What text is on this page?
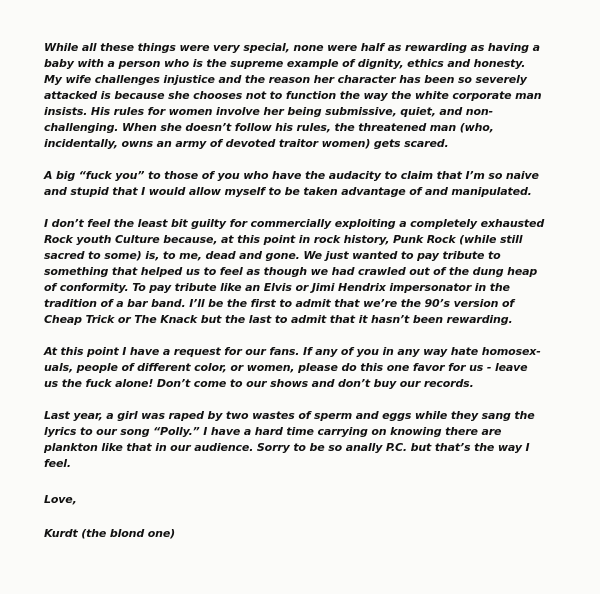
While all these things were very special, none were half as rewarding as having a
baby with a person who is the supreme example of dignity, ethics and honesty.
My wife challenges injustice and the reason her character has been so severely
attacked is because she chooses not to function the way the white corporate man
insists. His rules for women involve her being submissive, quiet, and non-
challenging. When she doesn’t follow his rules, the threatened man (who,
incidentally, owns an army of devoted traitor women) gets scared.
A big “fuck you” to those of you who have the audacity to claim that I’m so naive
and stupid that I would allow myself to be taken advantage of and manipulated.
I don’t feel the least bit guilty for commercially exploiting a completely exhausted
Rock youth Culture because, at this point in rock history, Punk Rock (while still
sacred to some) is, to me, dead and gone. We just wanted to pay tribute to
something that helped us to feel as though we had crawled out of the dung heap
of conformity. To pay tribute like an Elvis or Jimi Hendrix impersonator in the
tradition of a bar band. I’ll be the first to admit that we’re the 90’s version of
Cheap Trick or The Knack but the last to admit that it hasn’t been rewarding.
At this point I have a request for our fans. If any of you in any way hate homosex-
uals, people of different color, or women, please do this one favor for us - leave
us the fuck alone! Don’t come to our shows and don’t buy our records.
Last year, a girl was raped by two wastes of sperm and eggs while they sang the
lyrics to our song “Polly.” I have a hard time carrying on knowing there are
plankton like that in our audience. Sorry to be so anally P.C. but that’s the way I
feel.
Love,
Kurdt (the blond one)
